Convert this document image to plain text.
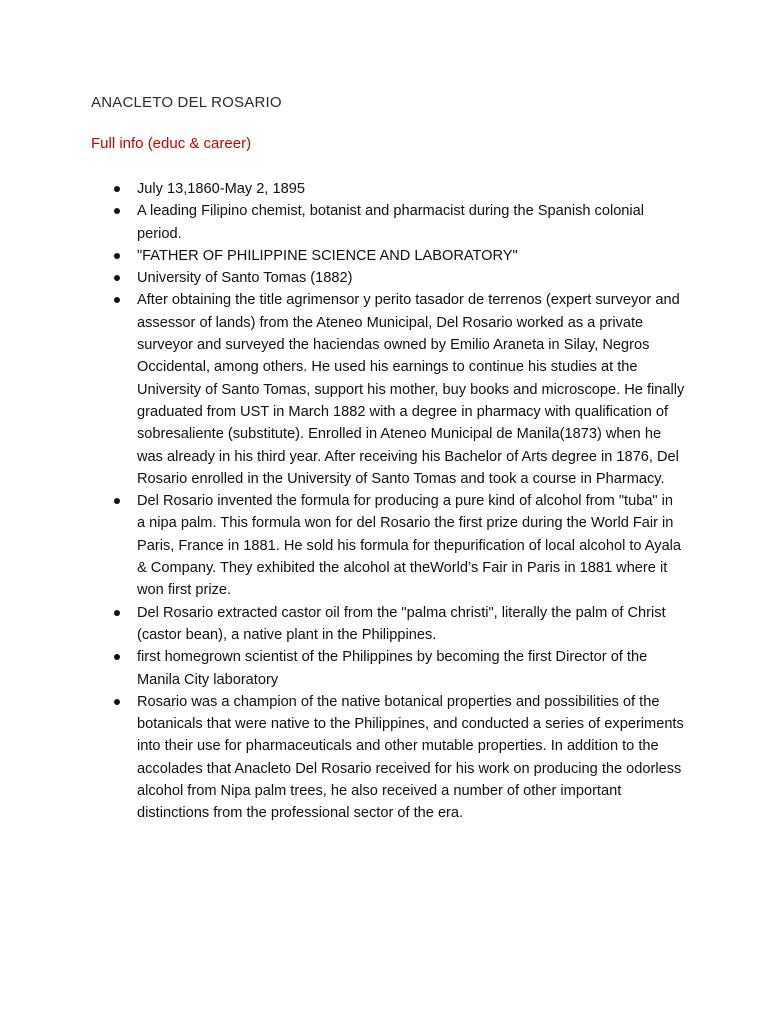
ANACLETO DEL ROSARIO
Full info (educ & career)
July 13,1860-May 2, 1895
A leading Filipino chemist, botanist and pharmacist during the Spanish colonial period.
"FATHER OF PHILIPPINE SCIENCE AND LABORATORY"
University of Santo Tomas (1882)
After obtaining the title agrimensor y perito tasador de terrenos (expert surveyor and assessor of lands) from the Ateneo Municipal, Del Rosario worked as a private surveyor and surveyed the haciendas owned by Emilio Araneta in Silay, Negros Occidental, among others. He used his earnings to continue his studies at the University of Santo Tomas, support his mother, buy books and microscope. He finally graduated from UST in March 1882 with a degree in pharmacy with qualification of sobresaliente (substitute). Enrolled in Ateneo Municipal de Manila(1873) when he was already in his third year. After receiving his Bachelor of Arts degree in 1876, Del Rosario enrolled in the University of Santo Tomas and took a course in Pharmacy.
Del Rosario invented the formula for producing a pure kind of alcohol from "tuba" in a nipa palm. This formula won for del Rosario the first prize during the World Fair in Paris, France in 1881. He sold his formula for thepurification of local alcohol to Ayala & Company. They exhibited the alcohol at theWorld’s Fair in Paris in 1881 where it won first prize.
Del Rosario extracted castor oil from the "palma christi", literally the palm of Christ (castor bean), a native plant in the Philippines.
first homegrown scientist of the Philippines by becoming the first Director of the Manila City laboratory
Rosario was a champion of the native botanical properties and possibilities of the botanicals that were native to the Philippines, and conducted a series of experiments into their use for pharmaceuticals and other mutable properties. In addition to the accolades that Anacleto Del Rosario received for his work on producing the odorless alcohol from Nipa palm trees, he also received a number of other important distinctions from the professional sector of the era.
